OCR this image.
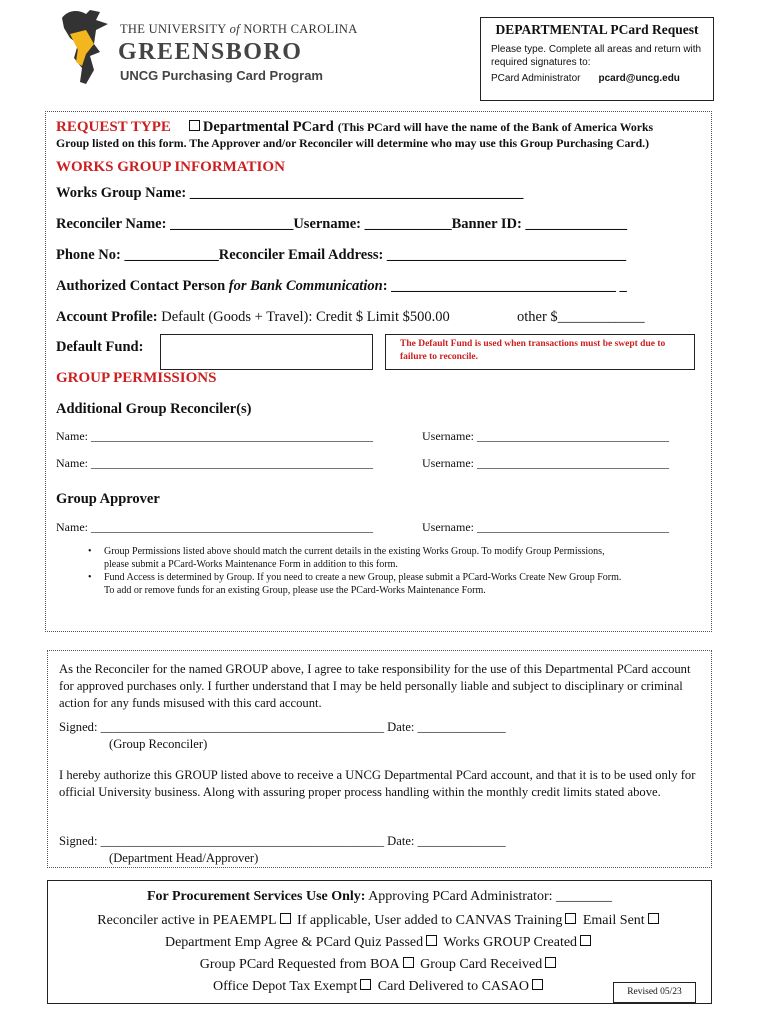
THE UNIVERSITY of NORTH CAROLINA
GREENSBORO
UNCG Purchasing Card Program
DEPARTMENTAL PCard Request
Please type. Complete all areas and return with required signatures to:
PCard Administrator pcard@uncg.edu
REQUEST TYPE Departmental PCard (This PCard will have the name of the Bank of America Works
Group listed on this form. The Approver and/or Reconciler will determine who may use this Group Purchasing Card.)
WORKS GROUP INFORMATION
Works Group Name: ______________________________________________
Reconciler Name: _________________Username: ____________Banner ID: ______________
Phone No: _____________Reconciler Email Address: _________________________________
Authorized Contact Person for Bank Communication: _______________________________ _
Account Profile: Default (Goods + Travel): Credit $ Limit $500.00	other $____________
Default Fund:	The Default Fund is used when transactions must be swept due to failure to reconcile.
GROUP PERMISSIONS
Additional Group Reconciler(s)
Name: _______________________________________________	Username: ________________________________
Name: _______________________________________________	Username: ________________________________
Group Approver
Name: _______________________________________________	Username: ________________________________
• Group Permissions listed above should match the current details in the existing Works Group. To modify Group Permissions,
please submit a PCard-Works Maintenance Form in addition to this form.
• Fund Access is determined by Group. If you need to create a new Group, please submit a PCard-Works Create New Group Form.
To add or remove funds for an existing Group, please use the PCard-Works Maintenance Form.
As the Reconciler for the named GROUP above, I agree to take responsibility for the use of this Departmental PCard account for approved purchases only. I further understand that I may be held personally liable and subject to disciplinary or criminal action for any funds misused with this card account.
Signed: _____________________________________________ Date: ______________
(Group Reconciler)
I hereby authorize this GROUP listed above to receive a UNCG Departmental PCard account, and that it is to be used only for official University business. Along with assuring proper process handling within the monthly credit limits stated above.
Signed: _____________________________________________ Date: ______________
(Department Head/Approver)
For Procurement Services Use Only: Approving PCard Administrator: ________
Reconciler active in PEAEMPL If applicable, User added to CANVAS Training Email Sent
Department Emp Agree & PCard Quiz Passed Works GROUP Created
Group PCard Requested from BOA Group Card Received
Office Depot Tax Exempt Card Delivered to CASAO	Revised 05/23
